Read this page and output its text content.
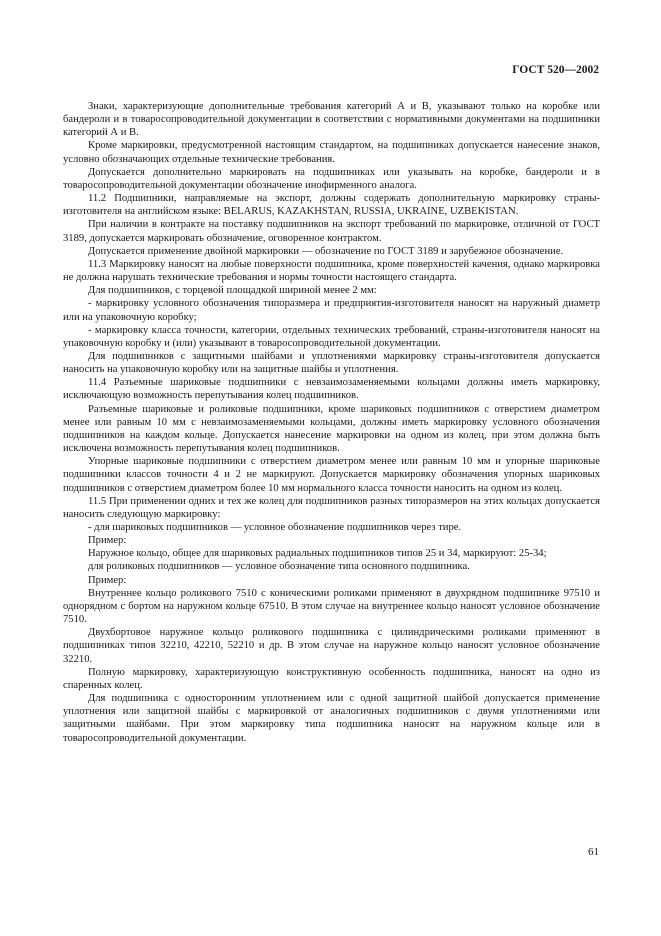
ГОСТ 520—2002

Знаки, характеризующие дополнительные требования категорий А и В, указывают только на коробке или бандероли и в товаросопроводительной документации в соответствии с нормативными документами на подшипники категорий А и В.

Кроме маркировки, предусмотренной настоящим стандартом, на подшипниках допускается нанесение знаков, условно обозначающих отдельные технические требования.

Допускается дополнительно маркировать на подшипниках или указывать на коробке, бандероли и в товаросопроводительной документации обозначение инофирменного аналога.

11.2 Подшипники, направляемые на экспорт, должны содержать дополнительную маркировку страны-изготовителя на английском языке: BELARUS, KAZAKHSTAN, RUSSIA, UKRAINE, UZBEKISTAN.

При наличии в контракте на поставку подшипников на экспорт требований по маркировке, отличной от ГОСТ 3189, допускается маркировать обозначение, оговоренное контрактом.

Допускается применение двойной маркировки — обозначение по ГОСТ 3189 и зарубежное обозначение.

11.3 Маркировку наносят на любые поверхности подшипника, кроме поверхностей качения, однако маркировка не должна нарушать технические требования и нормы точности настоящего стандарта.

Для подшипников, с торцевой площадкой шириной менее 2 мм:

- маркировку условного обозначения типоразмера и предприятия-изготовителя наносят на наружный диаметр или на упаковочную коробку;

- маркировку класса точности, категории, отдельных технических требований, страны-изготовителя наносят на упаковочную коробку и (или) указывают в товаросопроводительной документации.

Для подшипников с защитными шайбами и уплотнениями маркировку страны-изготовителя допускается наносить на упаковочную коробку или на защитные шайбы и уплотнения.

11.4 Разъемные шариковые подшипники с невзаимозаменяемыми кольцами должны иметь маркировку, исключающую возможность перепутывания колец подшипников.

Разъемные шариковые и роликовые подшипники, кроме шариковых подшипников с отверстием диаметром менее или равным 10 мм с невзаимозаменяемыми кольцами, должны иметь маркировку условного обозначения подшипников на каждом кольце. Допускается нанесение маркировки на одном из колец, при этом должна быть исключена возможность перепутывания колец подшипников.

Упорные шариковые подшипники с отверстием диаметром менее или равным 10 мм и упорные шариковые подшипники классов точности 4 и 2 не маркируют. Допускается маркировку обозначения упорных шариковых подшипников с отверстием диаметром более 10 мм нормального класса точности наносить на одном из колец.

11.5 При применении одних и тех же колец для подшипников разных типоразмеров на этих кольцах допускается наносить следующую маркировку:

- для шариковых подшипников — условное обозначение подшипников через тире.

Пример:

Наружное кольцо, общее для шариковых радиальных подшипников типов 25 и 34, маркируют: 25-34;

для роликовых подшипников — условное обозначение типа основного подшипника.

Пример:

Внутреннее кольцо роликового 7510 с коническими роликами применяют в двухрядном подшипнике 97510 и однорядном с бортом на наружном кольце 67510. В этом случае на внутреннее кольцо наносят условное обозначение 7510.

Двухбортовое наружное кольцо роликового подшипника с цилиндрическими роликами применяют в подшипниках типов 32210, 42210, 52210 и др. В этом случае на наружное кольцо наносят условное обозначение 32210.

Полную маркировку, характеризующую конструктивную особенность подшипника, наносят на одно из спаренных колец.

Для подшипника с односторонним уплотнением или с одной защитной шайбой допускается применение уплотнения или защитной шайбы с маркировкой от аналогичных подшипников с двумя уплотнениями или защитными шайбами. При этом маркировку типа подшипника наносят на наружном кольце или в товаросопроводительной документации.

61
